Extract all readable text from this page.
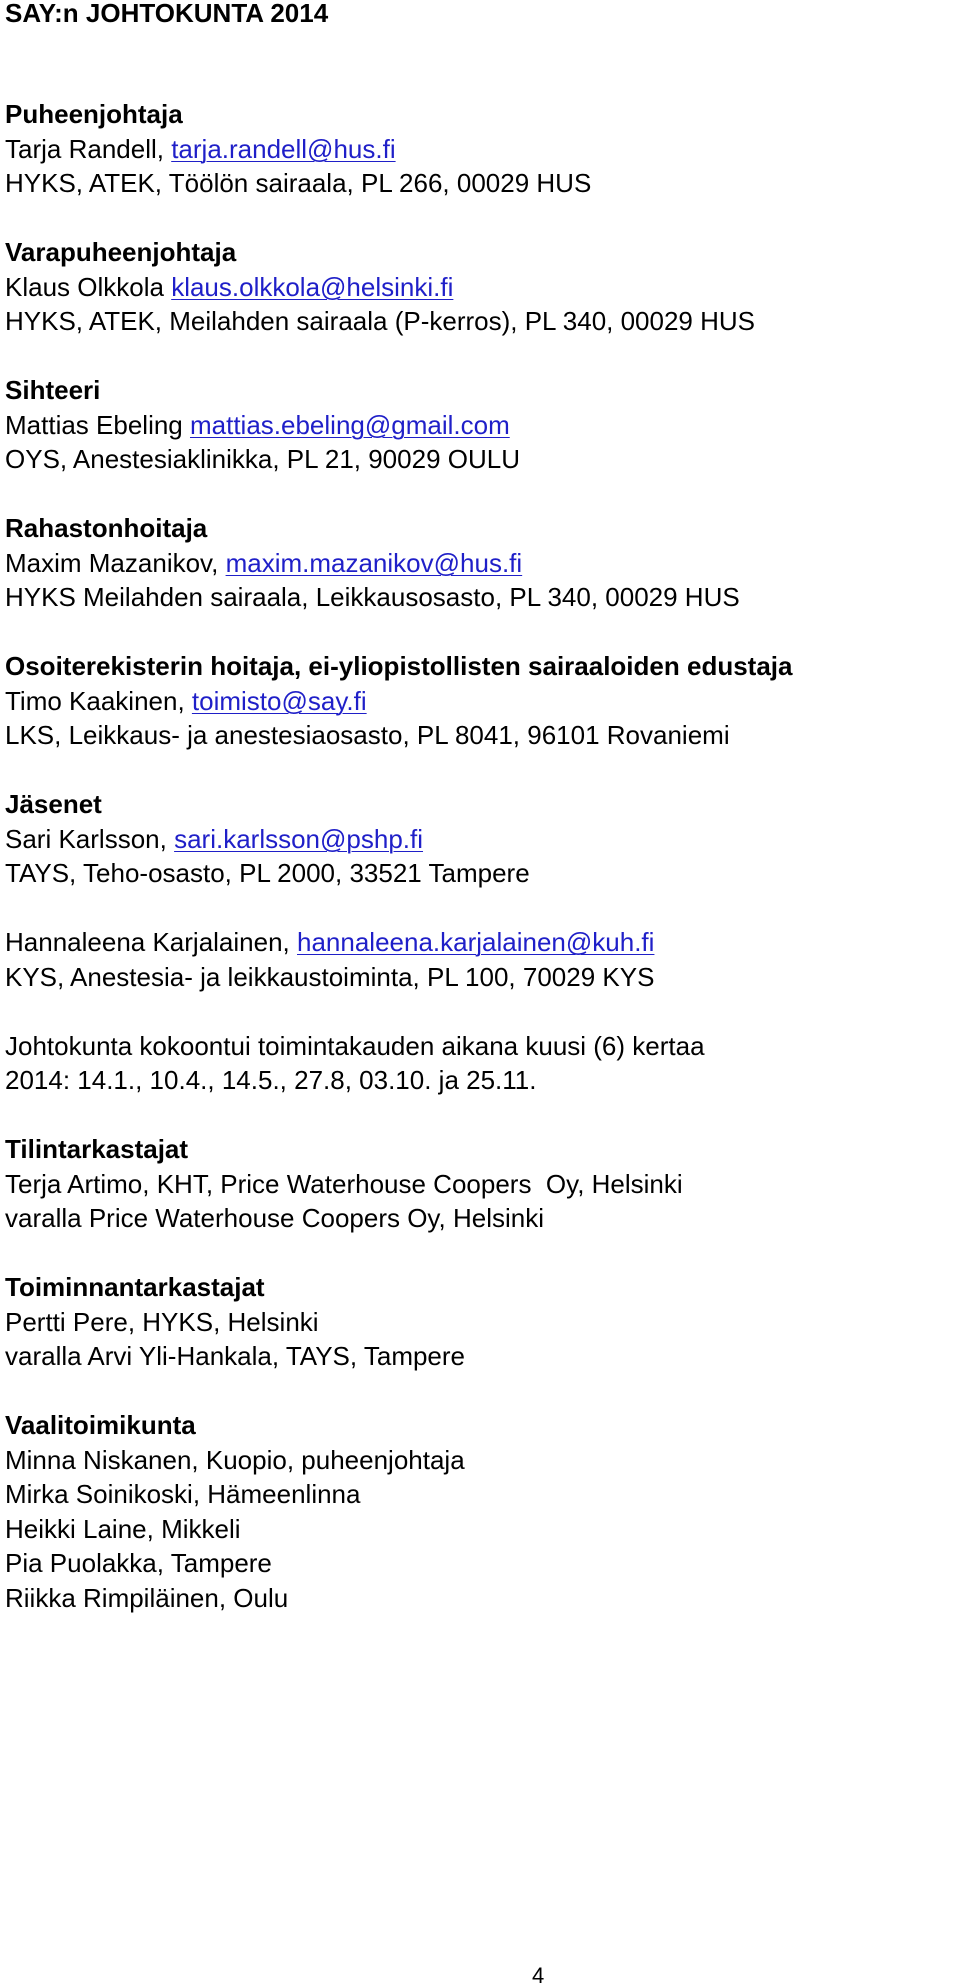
SAY:n JOHTOKUNTA 2014
Puheenjohtaja
Tarja Randell, tarja.randell@hus.fi
HYKS, ATEK, Töölön sairaala, PL 266, 00029 HUS
Varapuheenjohtaja
Klaus Olkkola klaus.olkkola@helsinki.fi
HYKS, ATEK, Meilahden sairaala (P-kerros), PL 340, 00029 HUS
Sihteeri
Mattias Ebeling mattias.ebeling@gmail.com
OYS, Anestesiaklinikka, PL 21, 90029 OULU
Rahastonhoitaja
Maxim Mazanikov, maxim.mazanikov@hus.fi
HYKS Meilahden sairaala, Leikkausosasto, PL 340, 00029 HUS
Osoiterekisterin hoitaja, ei-yliopistollisten sairaaloiden edustaja
Timo Kaakinen, toimisto@say.fi
LKS, Leikkaus- ja anestesiaosasto, PL 8041, 96101 Rovaniemi
Jäsenet
Sari Karlsson, sari.karlsson@pshp.fi
TAYS, Teho-osasto, PL 2000, 33521 Tampere
Hannaleena Karjalainen, hannaleena.karjalainen@kuh.fi
KYS, Anestesia- ja leikkaustoiminta, PL 100, 70029 KYS
Johtokunta kokoontui toimintakauden aikana kuusi (6) kertaa
2014: 14.1., 10.4., 14.5., 27.8, 03.10. ja 25.11.
Tilintarkastajat
Terja Artimo, KHT, Price Waterhouse Coopers  Oy, Helsinki
varalla Price Waterhouse Coopers Oy, Helsinki
Toiminnantarkastajat
Pertti Pere, HYKS, Helsinki
varalla Arvi Yli-Hankala, TAYS, Tampere
Vaalitoimikunta
Minna Niskanen, Kuopio, puheenjohtaja
Mirka Soinikoski, Hämeenlinna
Heikki Laine, Mikkeli
Pia Puolakka, Tampere
Riikka Rimpiläinen, Oulu
4
